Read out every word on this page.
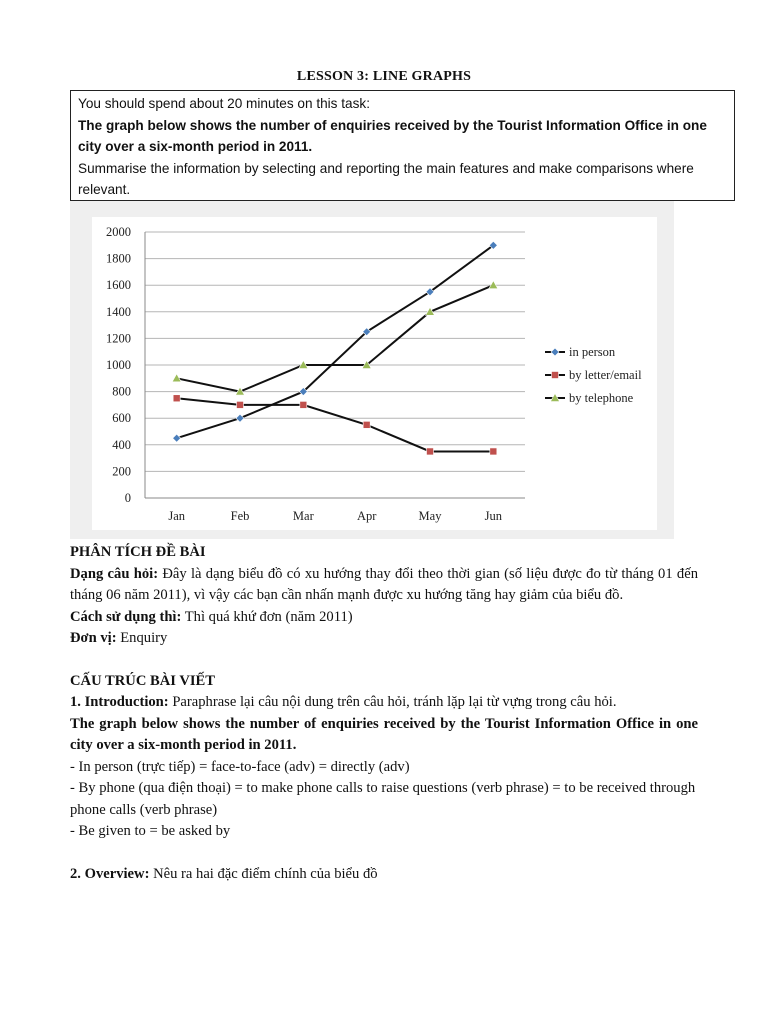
LESSON 3: LINE GRAPHS
You should spend about 20 minutes on this task:
The graph below shows the number of enquiries received by the Tourist Information Office in one city over a six-month period in 2011.
Summarise the information by selecting and reporting the main features and make comparisons where relevant.
0
200
400
600
800
1000
1200
1400
1600
1800
2000
Jan	Feb	Mar	Apr	May	Jun
in person
by letter/email
by telephone

PHÂN TÍCH ĐỀ BÀI

Dạng câu hỏi: Đây là dạng biểu đồ có xu hướng thay đổi theo thời gian (số liệu được đo từ tháng 01 đến tháng 06 năm 2011), vì vậy các bạn cần nhấn mạnh được xu hướng tăng hay giảm của biểu đồ.

Cách sử dụng thì: Thì quá khứ đơn (năm 2011)

Đơn vị: Enquiry

CẤU TRÚC BÀI VIẾT

1. Introduction: Paraphrase lại câu nội dung trên câu hỏi, tránh lặp lại từ vựng trong câu hỏi.

The graph below shows the number of enquiries received by the Tourist Information Office in one city over a six-month period in 2011.

- In person (trực tiếp) = face-to-face (adv) = directly (adv)

- By phone (qua điện thoại) = to make phone calls to raise questions (verb phrase) = to be received through phone calls (verb phrase)

- Be given to = be asked by

2. Overview: Nêu ra hai đặc điểm chính của biểu đồ
